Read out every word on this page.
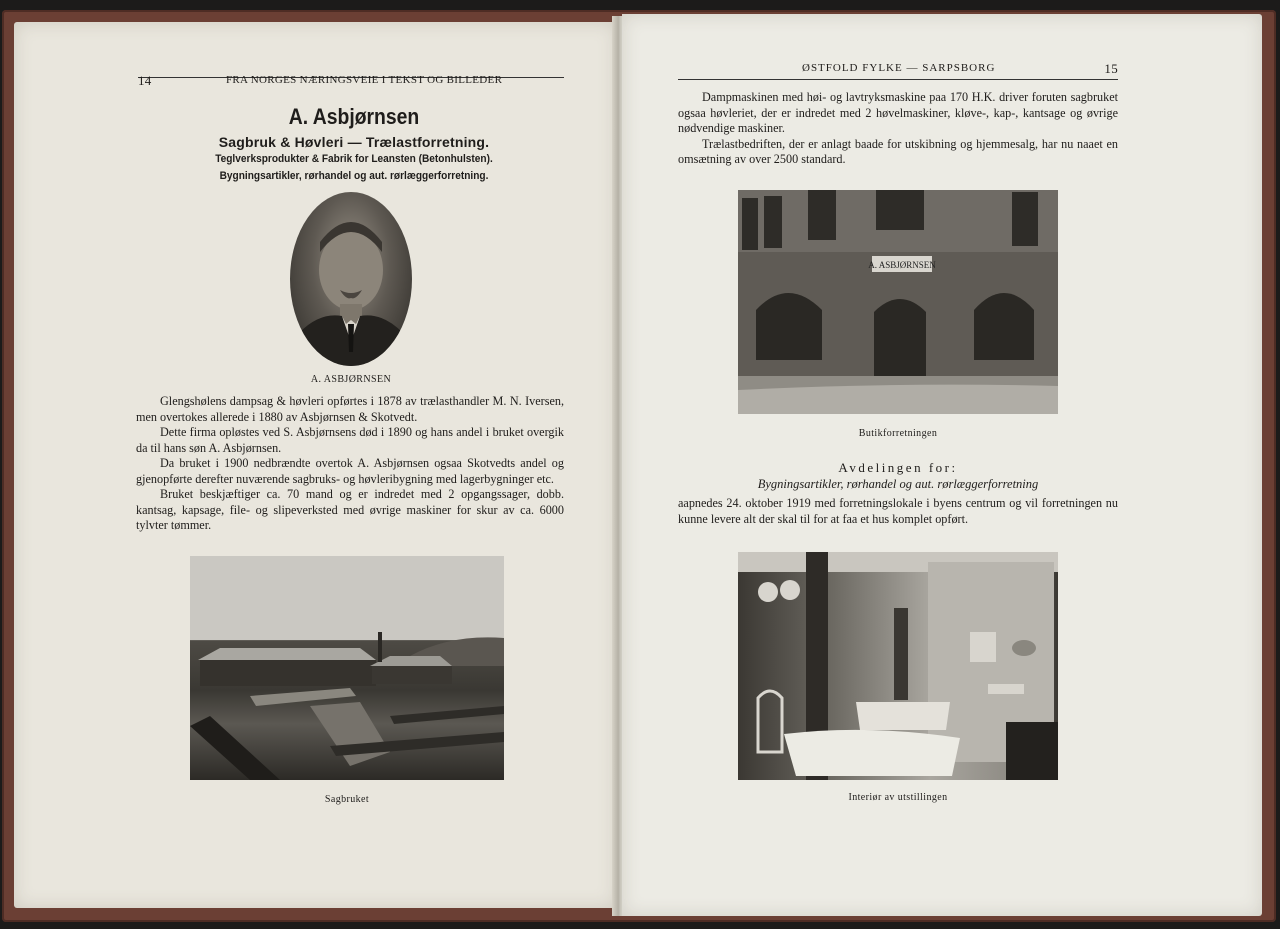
14	FRA NORGES NÆRINGSVEIE I TEKST OG BILLEDER
A. Asbjørnsen
Sagbruk & Høvleri — Trælastforretning.
Teglverksprodukter & Fabrik for Leansten (Betonhulsten).
Bygningsartikler, rørhandel og aut. rørlæggerforretning.
A. ASBJØRNSEN

Glengshølens dampsag & høvleri opførtes i 1878 av trælasthandler M. N. Iversen, men overtokes allerede i 1880 av Asbjørnsen & Skotvedt.

Dette firma opløstes ved S. Asbjørnsens død i 1890 og hans andel i bruket overgik da til hans søn A. Asbjørnsen.

Da bruket i 1900 nedbrændte overtok A. Asbjørnsen ogsaa Skotvedts andel og gjenopførte derefter nuværende sagbruks- og høvleribygning med lagerbygninger etc.

Bruket beskjæftiger ca. 70 mand og er indredet med 2 opgangssager, dobb. kantsag, kapsage, file- og slipeverksted med øvrige maskiner for skur av ca. 6000 tylvter tømmer.

Sagbruket
ØSTFOLD FYLKE — SARPSBORG	15

Dampmaskinen med høi- og lavtryksmaskine paa 170 H.K. driver foruten sagbruket ogsaa høvleriet, der er indredet med 2 høvelmaskiner, kløve-, kap-, kantsage og øvrige nødvendige maskiner.

Trælastbedriften, der er anlagt baade for utskibning og hjemmesalg, har nu naaet en omsætning av over 2500 standard.

A. ASBJØRNSEN
Butikforretningen
Avdelingen for:
Bygningsartikler, rørhandel og aut. rørlæggerforretning

aapnedes 24. oktober 1919 med forretningslokale i byens centrum og vil forretningen nu kunne levere alt der skal til for at faa et hus komplet opført.

Interiør av utstillingen
